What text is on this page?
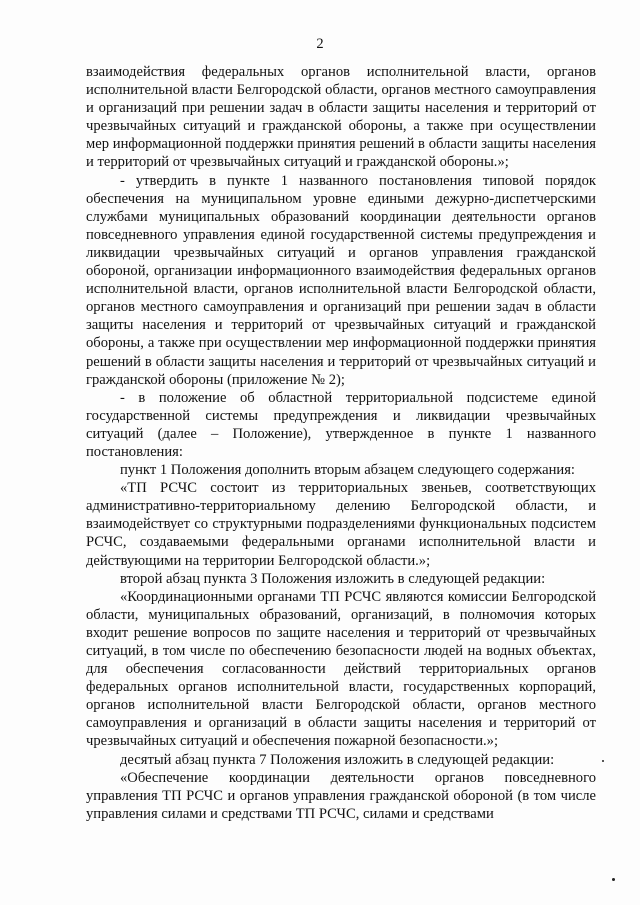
2

взаимодействия федеральных органов исполнительной власти, органов исполнительной власти Белгородской области, органов местного самоуправления и организаций при решении задач в области защиты населения и территорий от чрезвычайных ситуаций и гражданской обороны, а также при осуществлении мер информационной поддержки принятия решений в области защиты населения и территорий от чрезвычайных ситуаций и гражданской обороны.»;

- утвердить в пункте 1 названного постановления типовой порядок обеспечения на муниципальном уровне едиными дежурно-диспетчерскими службами муниципальных образований координации деятельности органов повседневного управления единой государственной системы предупреждения и ликвидации чрезвычайных ситуаций и органов управления гражданской обороной, организации информационного взаимодействия федеральных органов исполнительной власти, органов исполнительной власти Белгородской области, органов местного самоуправления и организаций при решении задач в области защиты населения и территорий от чрезвычайных ситуаций и гражданской обороны, а также при осуществлении мер информационной поддержки принятия решений в области защиты населения и территорий от чрезвычайных ситуаций и гражданской обороны (приложение № 2);

- в положение об областной территориальной подсистеме единой государственной системы предупреждения и ликвидации чрезвычайных ситуаций (далее – Положение), утвержденное в пункте 1 названного постановления:

пункт 1 Положения дополнить вторым абзацем следующего содержания:

«ТП РСЧС состоит из территориальных звеньев, соответствующих административно-территориальному делению Белгородской области, и взаимодействует со структурными подразделениями функциональных подсистем РСЧС, создаваемыми федеральными органами исполнительной власти и действующими на территории Белгородской области.»;

второй абзац пункта 3 Положения изложить в следующей редакции:

«Координационными органами ТП РСЧС являются комиссии Белгородской области, муниципальных образований, организаций, в полномочия которых входит решение вопросов по защите населения и территорий от чрезвычайных ситуаций, в том числе по обеспечению безопасности людей на водных объектах, для обеспечения согласованности действий территориальных органов федеральных органов исполнительной власти, государственных корпораций, органов исполнительной власти Белгородской области, органов местного самоуправления и организаций в области защиты населения и территорий от чрезвычайных ситуаций и обеспечения пожарной безопасности.»;

десятый абзац пункта 7 Положения изложить в следующей редакции:

«Обеспечение координации деятельности органов повседневного управления ТП РСЧС и органов управления гражданской обороной (в том числе управления силами и средствами ТП РСЧС, силами и средствами
